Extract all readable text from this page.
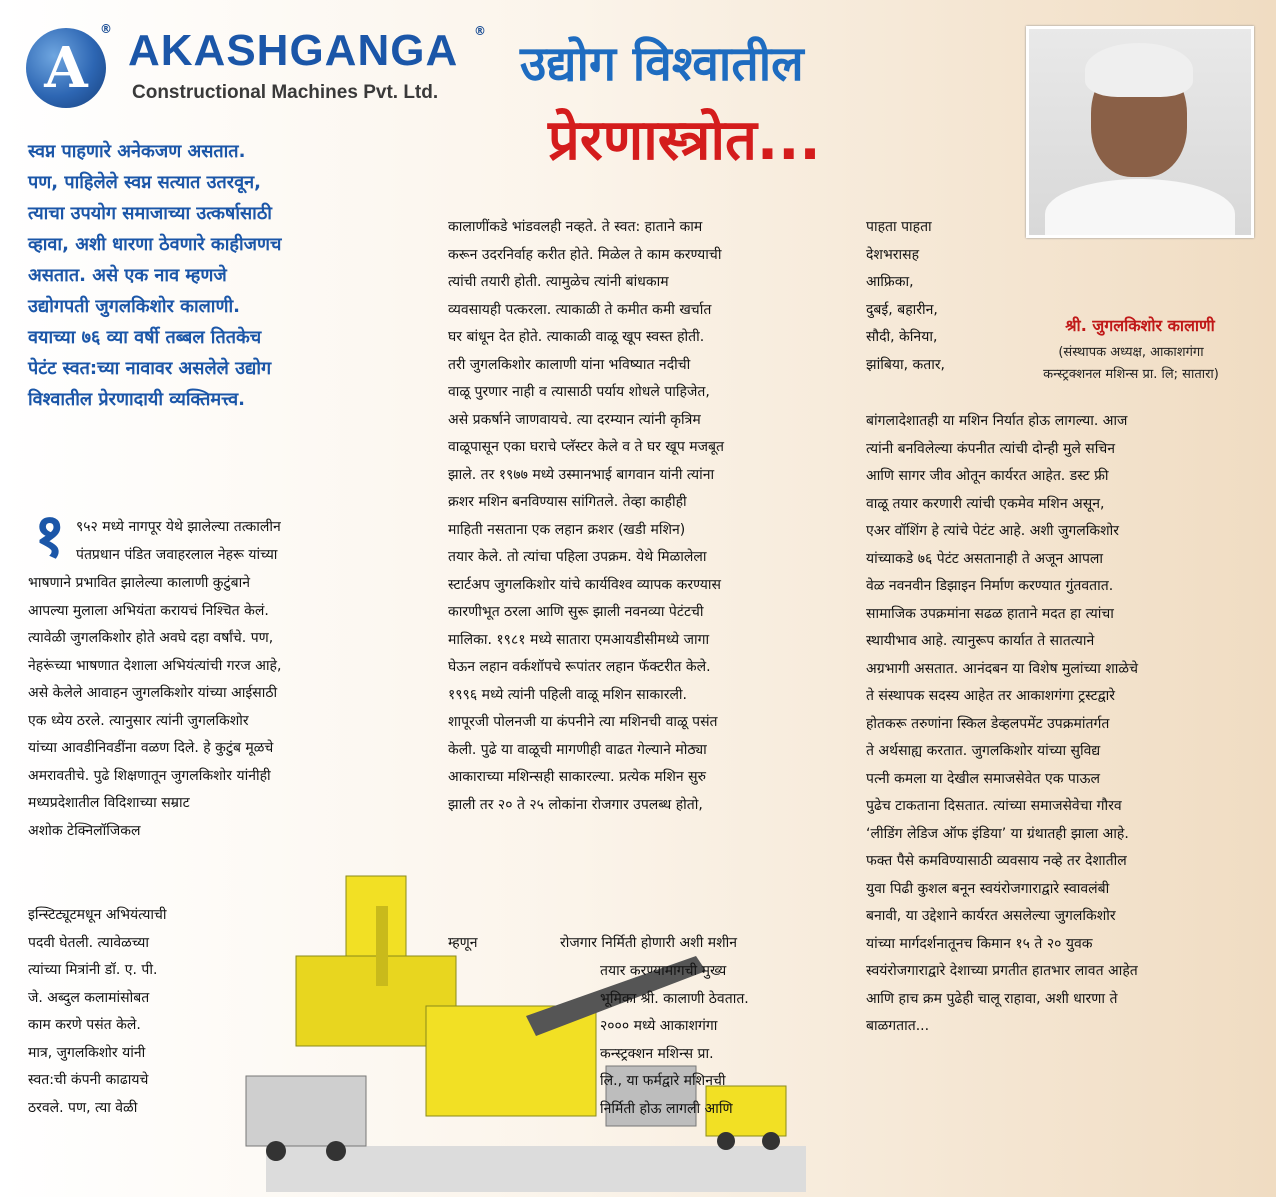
A
® AKASHGANGA ®
Constructional Machines Pvt. Ltd.
उद्योग विश्वातील
प्रेरणास्त्रोत...
श्री. जुगलकिशोर कालाणी
(संस्थापक अध्यक्ष, आकाशगंगा
कन्स्ट्रक्शनल मशिन्स प्रा. लि; सातारा)
स्वप्न पाहणारे अनेकजण असतात.
पण, पाहिलेले स्वप्न सत्यात उतरवून,
त्याचा उपयोग समाजाच्या उत्कर्षासाठी
व्हावा, अशी धारणा ठेवणारे काहीजणच
असतात. असे एक नाव म्हणजे
उद्योगपती जुगलकिशोर कालाणी.
वयाच्या ७६ व्या वर्षी तब्बल तितकेच
पेटंट स्वत:च्या नावावर असलेले उद्योग
विश्वातील प्रेरणादायी व्यक्तिमत्त्व.
१ ९५२ मध्ये नागपूर येथे झालेल्या तत्कालीन
पंतप्रधान पंडित जवाहरलाल नेहरू यांच्या
भाषणाने प्रभावित झालेल्या कालाणी कुटुंबाने
आपल्या मुलाला अभियंता करायचं निश्चित केलं.
त्यावेळी जुगलकिशोर होते अवघे दहा वर्षांचे. पण,
नेहरूंच्या भाषणात देशाला अभियंत्यांची गरज आहे,
असे केलेले आवाहन जुगलकिशोर यांच्या आईसाठी
एक ध्येय ठरले. त्यानुसार त्यांनी जुगलकिशोर
यांच्या आवडीनिवडींना वळण दिले. हे कुटुंब मूळचे
अमरावतीचे. पुढे शिक्षणातून जुगलकिशोर यांनीही
मध्यप्रदेशातील विदिशाच्या सम्राट
अशोक टेक्निलॉजिकल
इन्स्टिट्यूटमधून अभियंत्याची
पदवी घेतली. त्यावेळच्या
त्यांच्या मित्रांनी डॉ. ए. पी.
जे. अब्दुल कलामांसोबत
काम करणे पसंत केले.
मात्र, जुगलकिशोर यांनी
स्वत:ची कंपनी काढायचे
ठरवले. पण, त्या वेळी
कालाणींकडे भांडवलही नव्हते. ते स्वत: हाताने काम
करून उदरनिर्वाह करीत होते. मिळेल ते काम करण्याची
त्यांची तयारी होती. त्यामुळेच त्यांनी बांधकाम
व्यवसायही पत्करला. त्याकाळी ते कमीत कमी खर्चात
घर बांधून देत होते. त्याकाळी वाळू खूप स्वस्त होती.
तरी जुगलकिशोर कालाणी यांना भविष्यात नदीची
वाळू पुरणार नाही व त्यासाठी पर्याय शोधले पाहिजेत,
असे प्रकर्षाने जाणवायचे. त्या दरम्यान त्यांनी कृत्रिम
वाळूपासून एका घराचे प्लॅस्टर केले व ते घर खूप मजबूत
झाले. तर १९७७ मध्ये उस्मानभाई बागवान यांनी त्यांना
क्रशर मशिन बनविण्यास सांगितले. तेव्हा काहीही
माहिती नसताना एक लहान क्रशर (खडी मशिन)
तयार केले. तो त्यांचा पहिला उपक्रम. येथे मिळालेला
स्टार्टअप जुगलकिशोर यांचे कार्यविश्व व्यापक करण्यास
कारणीभूत ठरला आणि सुरू झाली नवनव्या पेटंटची
मालिका. १९८१ मध्ये सातारा एमआयडीसीमध्ये जागा
घेऊन लहान वर्कशॉपचे रूपांतर लहान फॅक्टरीत केले.
१९९६ मध्ये त्यांनी पहिली वाळू मशिन साकारली.
शापूरजी पोलनजी या कंपनीने त्या मशिनची वाळू पसंत
केली. पुढे या वाळूची मागणीही वाढत गेल्याने मोठ्या
आकाराच्या मशिन्सही साकारल्या. प्रत्येक मशिन सुरु
झाली तर २० ते २५ लोकांना रोजगार उपलब्ध होतो,
रोजगार निर्मिती होणारी अशी मशीन
म्हणून
तयार करण्यामागची मुख्य
भूमिका श्री. कालाणी ठेवतात.
२००० मध्ये आकाशगंगा
कन्स्ट्रक्शन मशिन्स प्रा.
लि., या फर्मद्वारे मशिनची
निर्मिती होऊ लागली आणि
पाहता पाहता
देशभरासह
आफ्रिका,
दुबई, बहारीन,
सौदी, केनिया,
झांबिया, कतार,
बांगलादेशातही या मशिन निर्यात होऊ लागल्या. आज
त्यांनी बनविलेल्या कंपनीत त्यांची दोन्ही मुले सचिन
आणि सागर जीव ओतून कार्यरत आहेत. डस्ट फ्री
वाळू तयार करणारी त्यांची एकमेव मशिन असून,
एअर वॉशिंग हे त्यांचे पेटंट आहे. अशी जुगलकिशोर
यांच्याकडे ७६ पेटंट असतानाही ते अजून आपला
वेळ नवनवीन डिझाइन निर्माण करण्यात गुंतवतात.
सामाजिक उपक्रमांना सढळ हाताने मदत हा त्यांचा
स्थायीभाव आहे. त्यानुरूप कार्यात ते सातत्याने
अग्रभागी असतात. आनंदबन या विशेष मुलांच्या शाळेचे
ते संस्थापक सदस्य आहेत तर आकाशगंगा ट्रस्टद्वारे
होतकरू तरुणांना स्किल डेव्हलपमेंट उपक्रमांतर्गत
ते अर्थसाह्य करतात. जुगलकिशोर यांच्या सुविद्य
पत्नी कमला या देखील समाजसेवेत एक पाऊल
पुढेच टाकताना दिसतात. त्यांच्या समाजसेवेचा गौरव
‘लीडिंग लेडिज ऑफ इंडिया’ या ग्रंथातही झाला आहे.
फक्त पैसे कमविण्यासाठी व्यवसाय नव्हे तर देशातील
युवा पिढी कुशल बनून स्वयंरोजगाराद्वारे स्वावलंबी
बनावी, या उद्देशाने कार्यरत असलेल्या जुगलकिशोर
यांच्या मार्गदर्शनातूनच किमान १५ ते २० युवक
स्वयंरोजगाराद्वारे देशाच्या प्रगतीत हातभार लावत आहेत
आणि हाच क्रम पुढेही चालू राहावा, अशी धारणा ते
बाळगतात...
